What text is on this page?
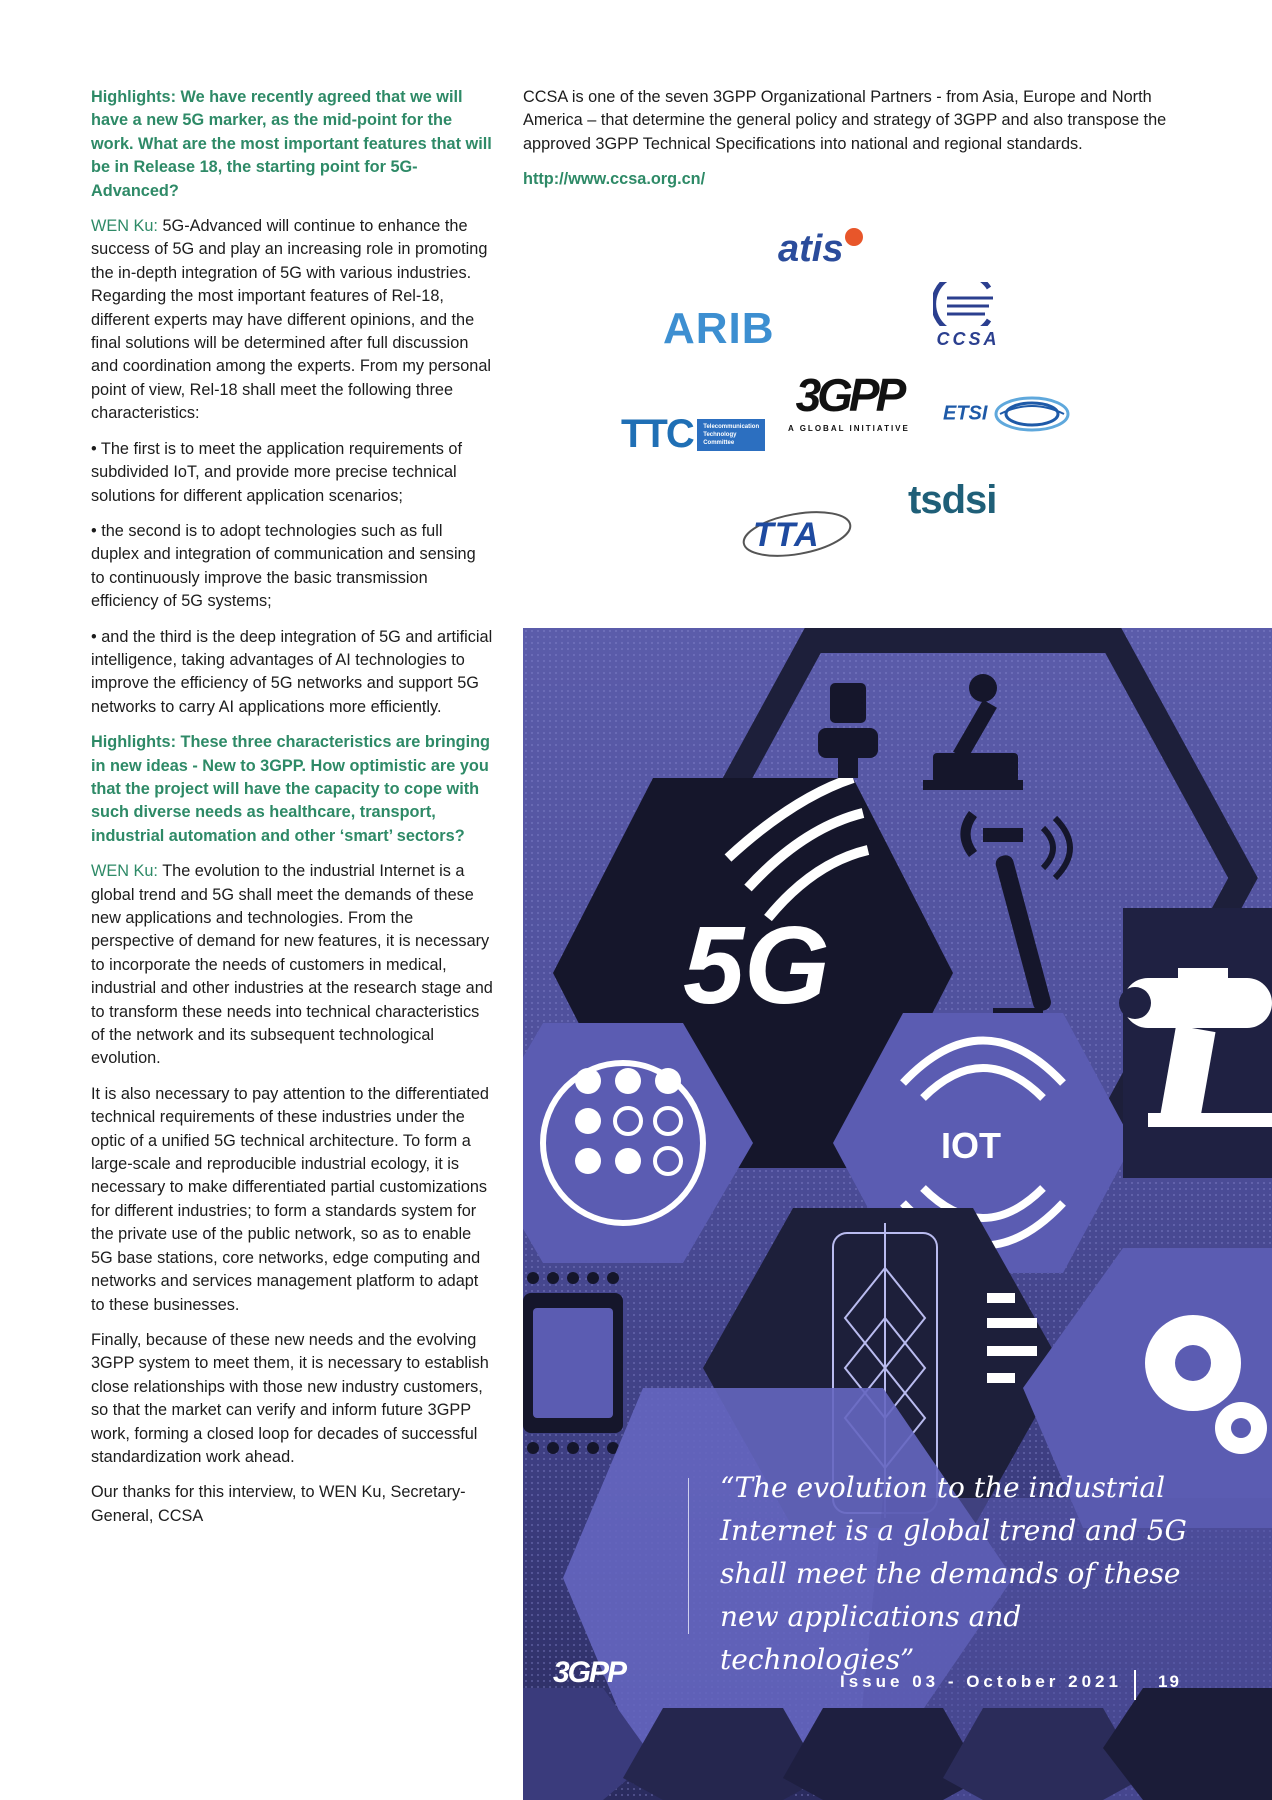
Highlights: We have recently agreed that we will have a new 5G marker, as the mid-point for the work. What are the most important features that will be in Release 18, the starting point for 5G-Advanced?

WEN Ku: 5G-Advanced will continue to enhance the success of 5G and play an increasing role in promoting the in-depth integration of 5G with various industries. Regarding the most important features of Rel-18, different experts may have different opinions, and the final solutions will be determined after full discussion and coordination among the experts. From my personal point of view, Rel-18 shall meet the following three characteristics:

• The first is to meet the application requirements of subdivided IoT, and provide more precise technical solutions for different application scenarios;

• the second is to adopt technologies such as full duplex and integration of communication and sensing to continuously improve the basic transmission efficiency of 5G systems;

• and the third is the deep integration of 5G and artificial intelligence, taking advantages of AI technologies to improve the efficiency of 5G networks and support 5G networks to carry AI applications more efficiently.

Highlights: These three characteristics are bringing in new ideas - New to 3GPP. How optimistic are you that the project will have the capacity to cope with such diverse needs as healthcare, transport, industrial automation and other ‘smart’ sectors?

WEN Ku: The evolution to the industrial Internet is a global trend and 5G shall meet the demands of these new applications and technologies. From the perspective of demand for new features, it is necessary to incorporate the needs of customers in medical, industrial and other industries at the research stage and to transform these needs into technical characteristics of the network and its subsequent technological evolution.

It is also necessary to pay attention to the differentiated technical requirements of these industries under the optic of a unified 5G technical architecture. To form a large-scale and reproducible industrial ecology, it is necessary to make differentiated partial customizations for different industries; to form a standards system for the private use of the public network, so as to enable 5G base stations, core networks, edge computing and networks and services management platform to adapt to these businesses.

Finally, because of these new needs and the evolving 3GPP system to meet them, it is necessary to establish close relationships with those new industry customers, so that the market can verify and inform future 3GPP work, forming a closed loop for decades of successful standardization work ahead.

Our thanks for this interview, to WEN Ku, Secretary-General, CCSA

CCSA is one of the seven 3GPP Organizational Partners - from Asia, Europe and North America – that determine the general policy and strategy of 3GPP and also transpose the approved 3GPP Technical Specifications into national and regional standards.

http://www.ccsa.org.cn/

atis
ARIB	CCSA
3GPP
A GLOBAL INITIATIVE
TTC Telecommunication
Technology
Committee
ETSI
tsdsi
TTA
5G
IOT
“The evolution to the industrial Internet is a global trend and 5G shall meet the demands of these new applications and technologies”
3GPP	Issue 03 - October 2021 19
